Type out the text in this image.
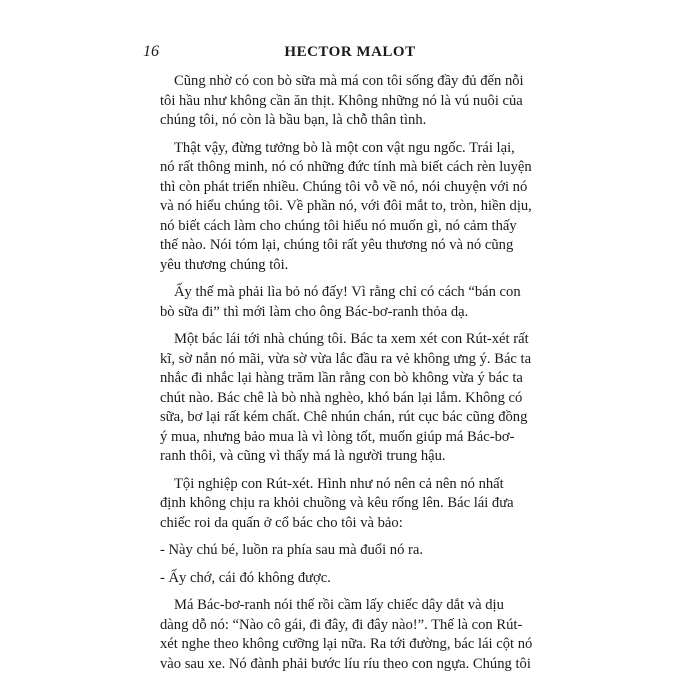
16	HECTOR MALOT

Cũng nhờ có con bò sữa mà má con tôi sống đầy đủ đến nỗi
tôi hầu như không cần ăn thịt. Không những nó là vú nuôi của
chúng tôi, nó còn là bầu bạn, là chỗ thân tình.

Thật vậy, đừng tưởng bò là một con vật ngu ngốc. Trái lại,
nó rất thông minh, nó có những đức tính mà biết cách rèn luyện
thì còn phát triển nhiều. Chúng tôi vỗ về nó, nói chuyện với nó
và nó hiểu chúng tôi. Về phần nó, với đôi mắt to, tròn, hiền dịu,
nó biết cách làm cho chúng tôi hiểu nó muốn gì, nó cảm thấy
thế nào. Nói tóm lại, chúng tôi rất yêu thương nó và nó cũng
yêu thương chúng tôi.

Ấy thế mà phải lìa bỏ nó đấy! Vì rằng chỉ có cách “bán con
bò sữa đi” thì mới làm cho ông Bác-bơ-ranh thỏa dạ.

Một bác lái tới nhà chúng tôi. Bác ta xem xét con Rút-xét rất
kĩ, sờ nắn nó mãi, vừa sờ vừa lắc đầu ra vẻ không ưng ý. Bác ta
nhắc đi nhắc lại hàng trăm lần rằng con bò không vừa ý bác ta
chút nào. Bác chê là bò nhà nghèo, khó bán lại lắm. Không có
sữa, bơ lại rất kém chất. Chê nhún chán, rút cục bác cũng đồng
ý mua, nhưng bảo mua là vì lòng tốt, muốn giúp má Bác-bơ-
ranh thôi, và cũng vì thấy má là người trung hậu.

Tội nghiệp con Rút-xét. Hình như nó nên cả nên nó nhất
định không chịu ra khỏi chuồng và kêu rống lên. Bác lái đưa
chiếc roi da quấn ở cổ bác cho tôi và bảo:

- Này chú bé, luồn ra phía sau mà đuổi nó ra.

- Ấy chớ, cái đó không được.

Má Bác-bơ-ranh nói thế rồi cầm lấy chiếc dây dắt và dịu
dàng dỗ nó: “Nào cô gái, đi đây, đi đây nào!”. Thế là con Rút-
xét nghe theo không cưỡng lại nữa. Ra tới đường, bác lái cột nó
vào sau xe. Nó đành phải bước líu ríu theo con ngựa. Chúng tôi
